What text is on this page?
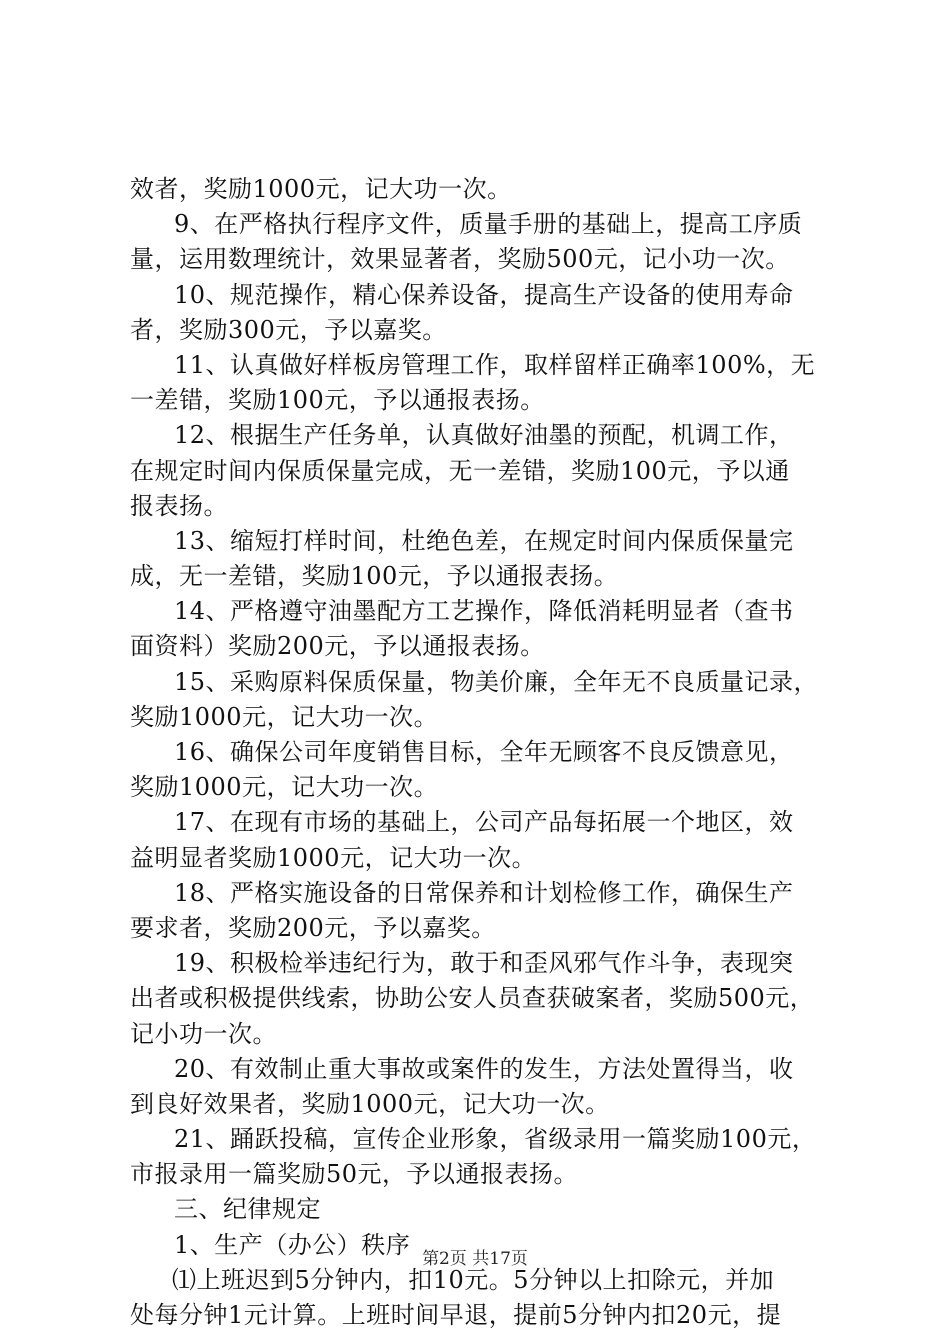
效者，奖励1000元，记大功一次。
9、在严格执行程序文件，质量手册的基础上，提高工序质
量，运用数理统计，效果显著者，奖励500元，记小功一次。
10、规范操作，精心保养设备，提高生产设备的使用寿命
者，奖励300元，予以嘉奖。
11、认真做好样板房管理工作，取样留样正确率100%，无
一差错，奖励100元，予以通报表扬。
12、根据生产任务单，认真做好油墨的预配，机调工作，
在规定时间内保质保量完成，无一差错，奖励100元，予以通
报表扬。
13、缩短打样时间，杜绝色差，在规定时间内保质保量完
成，无一差错，奖励100元，予以通报表扬。
14、严格遵守油墨配方工艺操作，降低消耗明显者（查书
面资料）奖励200元，予以通报表扬。
15、采购原料保质保量，物美价廉，全年无不良质量记录，
奖励1000元，记大功一次。
16、确保公司年度销售目标，全年无顾客不良反馈意见，
奖励1000元，记大功一次。
17、在现有市场的基础上，公司产品每拓展一个地区，效
益明显者奖励1000元，记大功一次。
18、严格实施设备的日常保养和计划检修工作，确保生产
要求者，奖励200元，予以嘉奖。
19、积极检举违纪行为，敢于和歪风邪气作斗争，表现突
出者或积极提供线索，协助公安人员查获破案者，奖励500元，
记小功一次。
20、有效制止重大事故或案件的发生，方法处置得当，收
到良好效果者，奖励1000元，记大功一次。
21、踊跃投稿，宣传企业形象，省级录用一篇奖励100元，
市报录用一篇奖励50元，予以通报表扬。
三、纪律规定
1、生产（办公）秩序
⑴上班迟到5分钟内，扣10元。5分钟以上扣除元，并加
处每分钟1元计算。上班时间早退，提前5分钟内扣20元，提
第2页 共17页
